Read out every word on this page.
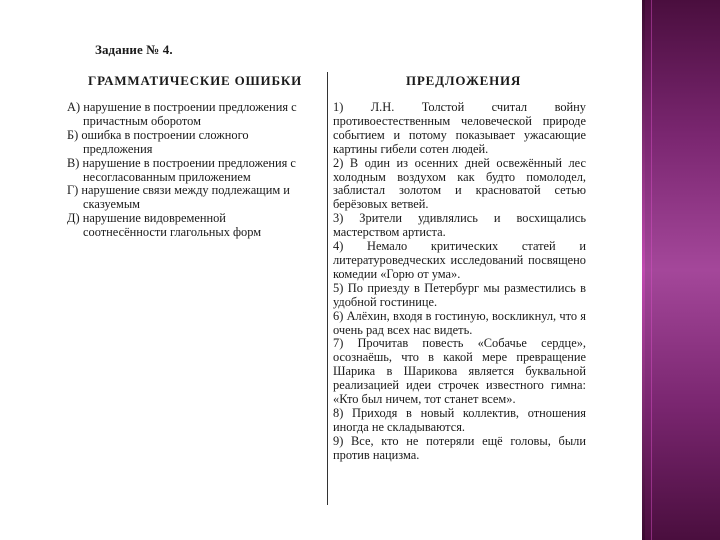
Задание № 4.
ГРАММАТИЧЕСКИЕ ОШИБКИ	ПРЕДЛОЖЕНИЯ
А) нарушение в построении предложения с
причастным оборотом
Б) ошибка в построении сложного
предложения
В) нарушение в построении предложения с
несогласованным приложением
Г) нарушение связи между подлежащим и
сказуемым
Д) нарушение видовременной
соотнесённости глагольных форм

1) Л.Н. Толстой считал войну противоестественным человеческой природе событием и потому показывает ужасающие картины гибели сотен людей.

2) В один из осенних дней освежённый лес холодным воздухом как будто помолодел, заблистал золотом и красноватой сетью берёзовых ветвей.

3) Зрители удивлялись и восхищались мастерством артиста.

4) Немало критических статей и литературоведческих исследований посвящено комедии «Горю от ума».

5) По приезду в Петербург мы разместились в удобной гостинице.

6) Алёхин, входя в гостиную, воскликнул, что я очень рад всех нас видеть.

7) Прочитав повесть «Собачье сердце», осознаёшь, что в какой мере превращение Шарика в Шарикова является буквальной реализацией идеи строчек известного гимна: «Кто был ничем, тот станет всем».

8) Приходя в новый коллектив, отношения иногда не складываются.

9) Все, кто не потеряли ещё головы, были против нацизма.
